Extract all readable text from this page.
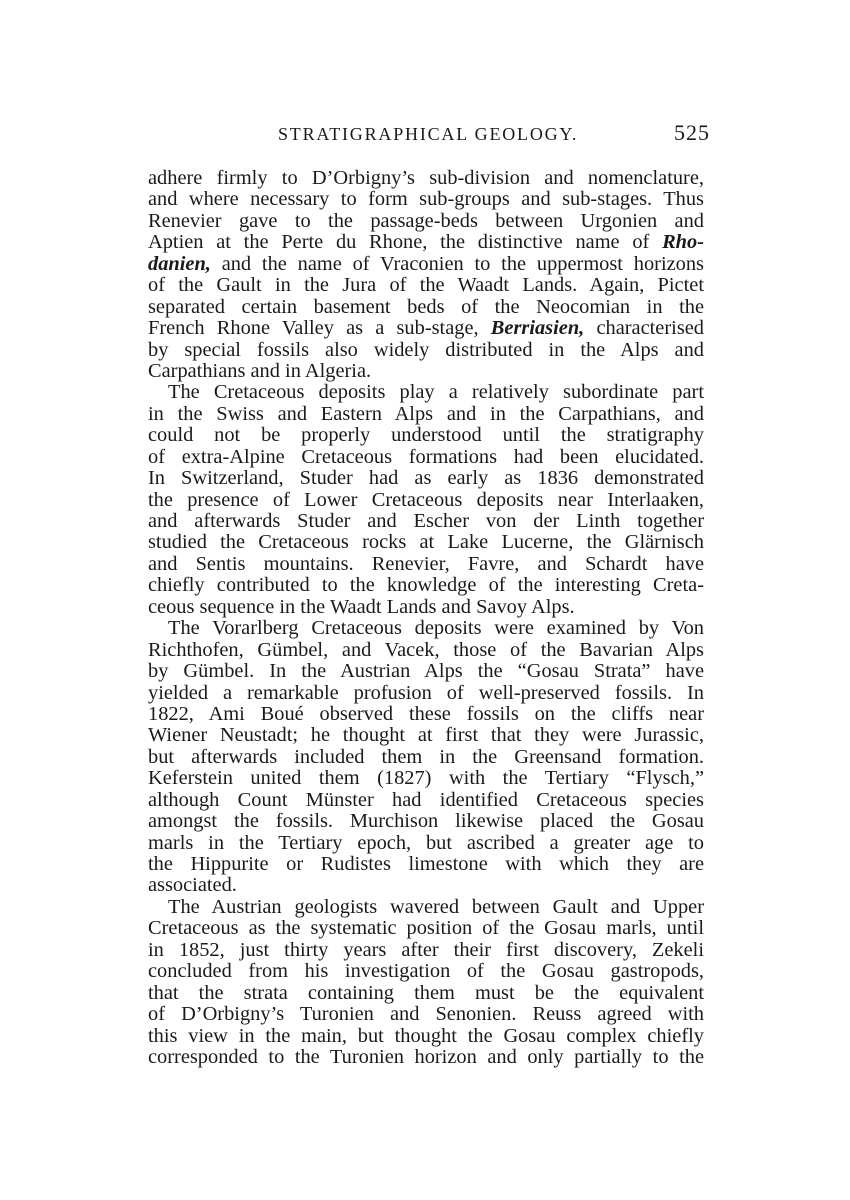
STRATIGRAPHICAL GEOLOGY.	525
adhere firmly to D’Orbigny’s sub-division and nomenclature,
and where necessary to form sub-groups and sub-stages. Thus
Renevier gave to the passage-beds between Urgonien and
Aptien at the Perte du Rhone, the distinctive name of Rho-
danien, and the name of Vraconien to the uppermost horizons
of the Gault in the Jura of the Waadt Lands. Again, Pictet
separated certain basement beds of the Neocomian in the
French Rhone Valley as a sub-stage, Berriasien, characterised
by special fossils also widely distributed in the Alps and
Carpathians and in Algeria.
The Cretaceous deposits play a relatively subordinate part
in the Swiss and Eastern Alps and in the Carpathians, and
could not be properly understood until the stratigraphy
of extra-Alpine Cretaceous formations had been elucidated.
In Switzerland, Studer had as early as 1836 demonstrated
the presence of Lower Cretaceous deposits near Interlaaken,
and afterwards Studer and Escher von der Linth together
studied the Cretaceous rocks at Lake Lucerne, the Glärnisch
and Sentis mountains. Renevier, Favre, and Schardt have
chiefly contributed to the knowledge of the interesting Creta-
ceous sequence in the Waadt Lands and Savoy Alps.
The Vorarlberg Cretaceous deposits were examined by Von
Richthofen, Gümbel, and Vacek, those of the Bavarian Alps
by Gümbel. In the Austrian Alps the “Gosau Strata” have
yielded a remarkable profusion of well-preserved fossils. In
1822, Ami Boué observed these fossils on the cliffs near
Wiener Neustadt; he thought at first that they were Jurassic,
but afterwards included them in the Greensand formation.
Keferstein united them (1827) with the Tertiary “Flysch,”
although Count Münster had identified Cretaceous species
amongst the fossils. Murchison likewise placed the Gosau
marls in the Tertiary epoch, but ascribed a greater age to
the Hippurite or Rudistes limestone with which they are
associated.
The Austrian geologists wavered between Gault and Upper
Cretaceous as the systematic position of the Gosau marls, until
in 1852, just thirty years after their first discovery, Zekeli
concluded from his investigation of the Gosau gastropods,
that the strata containing them must be the equivalent
of D’Orbigny’s Turonien and Senonien. Reuss agreed with
this view in the main, but thought the Gosau complex chiefly
corresponded to the Turonien horizon and only partially to the
